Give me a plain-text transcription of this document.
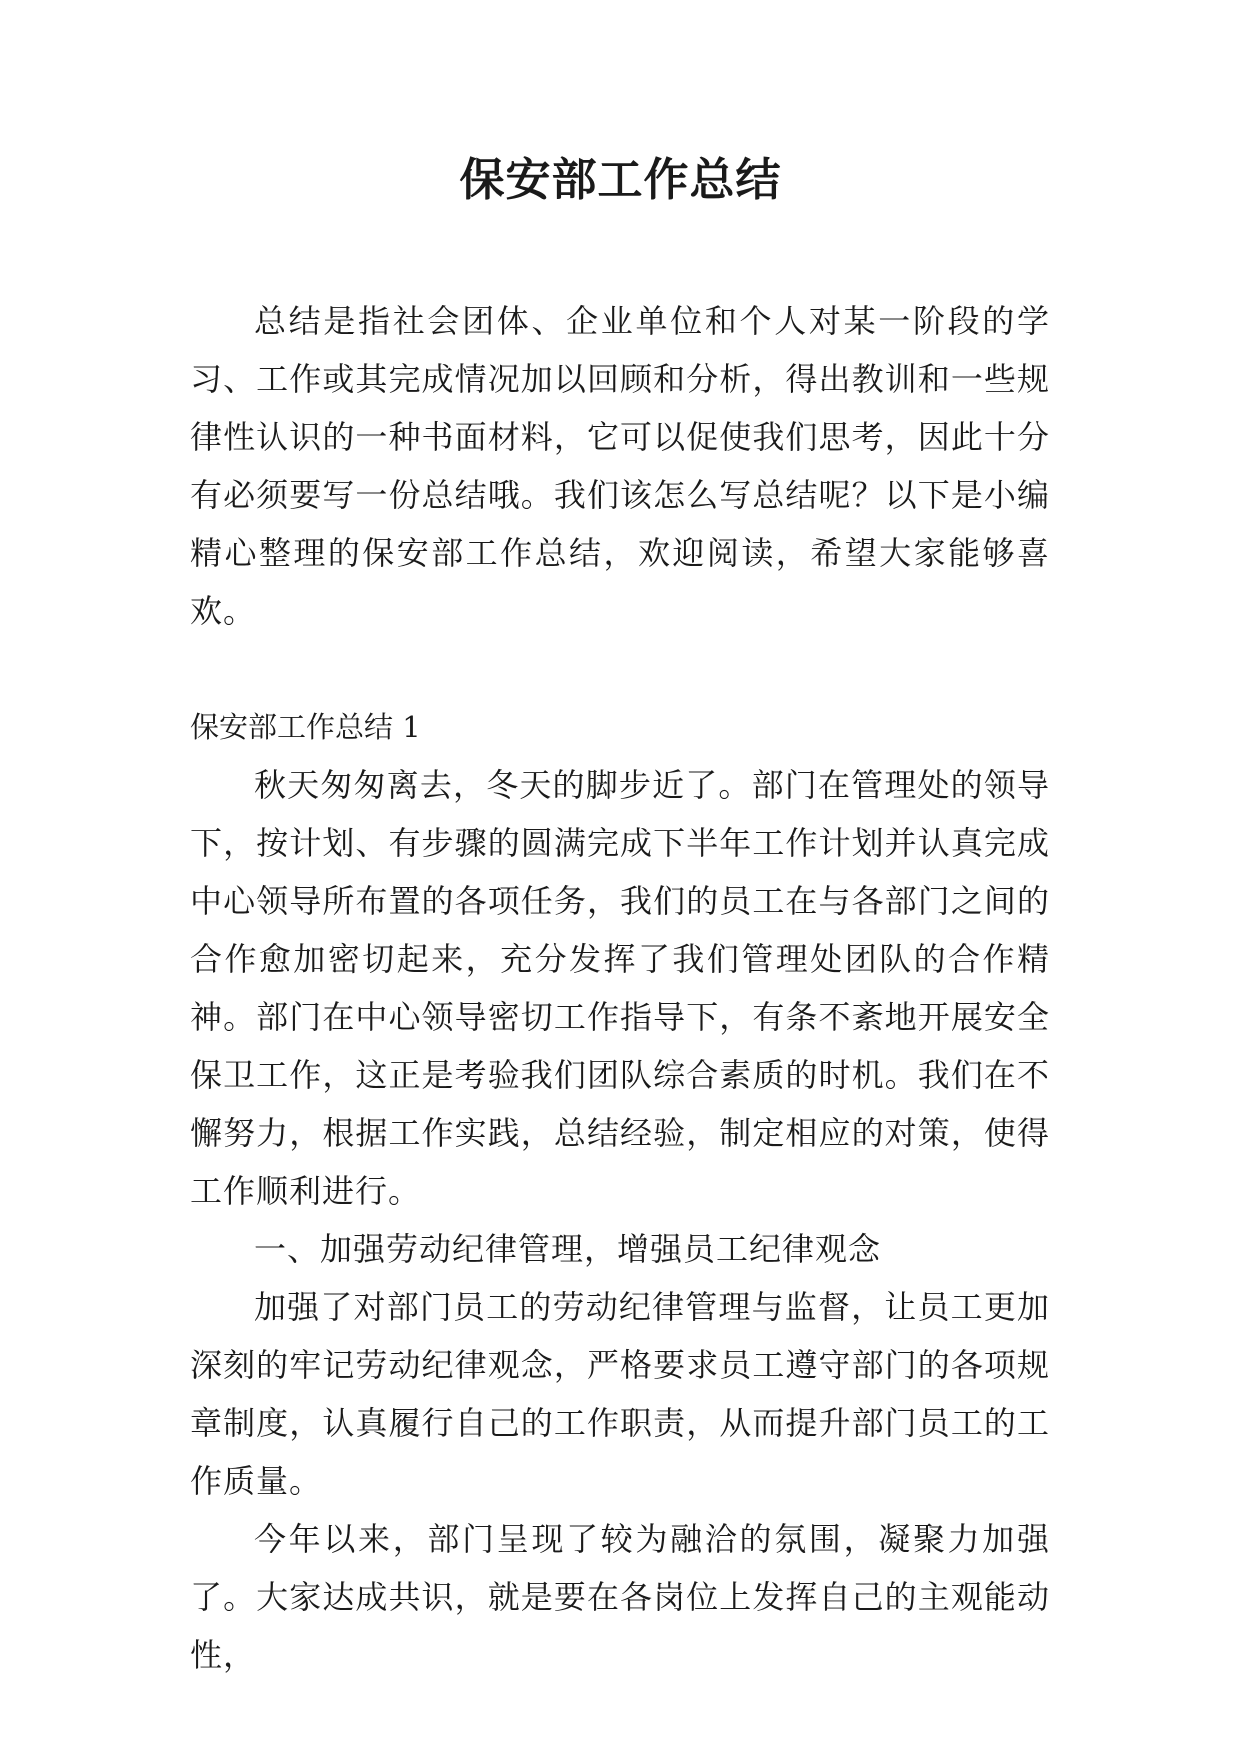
保安部工作总结

总结是指社会团体、企业单位和个人对某一阶段的学习、工作或其完成情况加以回顾和分析，得出教训和一些规律性认识的一种书面材料，它可以促使我们思考，因此十分有必须要写一份总结哦。我们该怎么写总结呢？以下是小编精心整理的保安部工作总结，欢迎阅读，希望大家能够喜欢。

保安部工作总结 1

秋天匆匆离去，冬天的脚步近了。部门在管理处的领导下，按计划、有步骤的圆满完成下半年工作计划并认真完成中心领导所布置的各项任务，我们的员工在与各部门之间的合作愈加密切起来，充分发挥了我们管理处团队的合作精神。部门在中心领导密切工作指导下，有条不紊地开展安全保卫工作，这正是考验我们团队综合素质的时机。我们在不懈努力，根据工作实践，总结经验，制定相应的对策，使得工作顺利进行。

一、加强劳动纪律管理，增强员工纪律观念

加强了对部门员工的劳动纪律管理与监督，让员工更加深刻的牢记劳动纪律观念，严格要求员工遵守部门的各项规章制度，认真履行自己的工作职责，从而提升部门员工的工作质量。

今年以来，部门呈现了较为融洽的氛围，凝聚力加强了。大家达成共识，就是要在各岗位上发挥自己的主观能动性，
